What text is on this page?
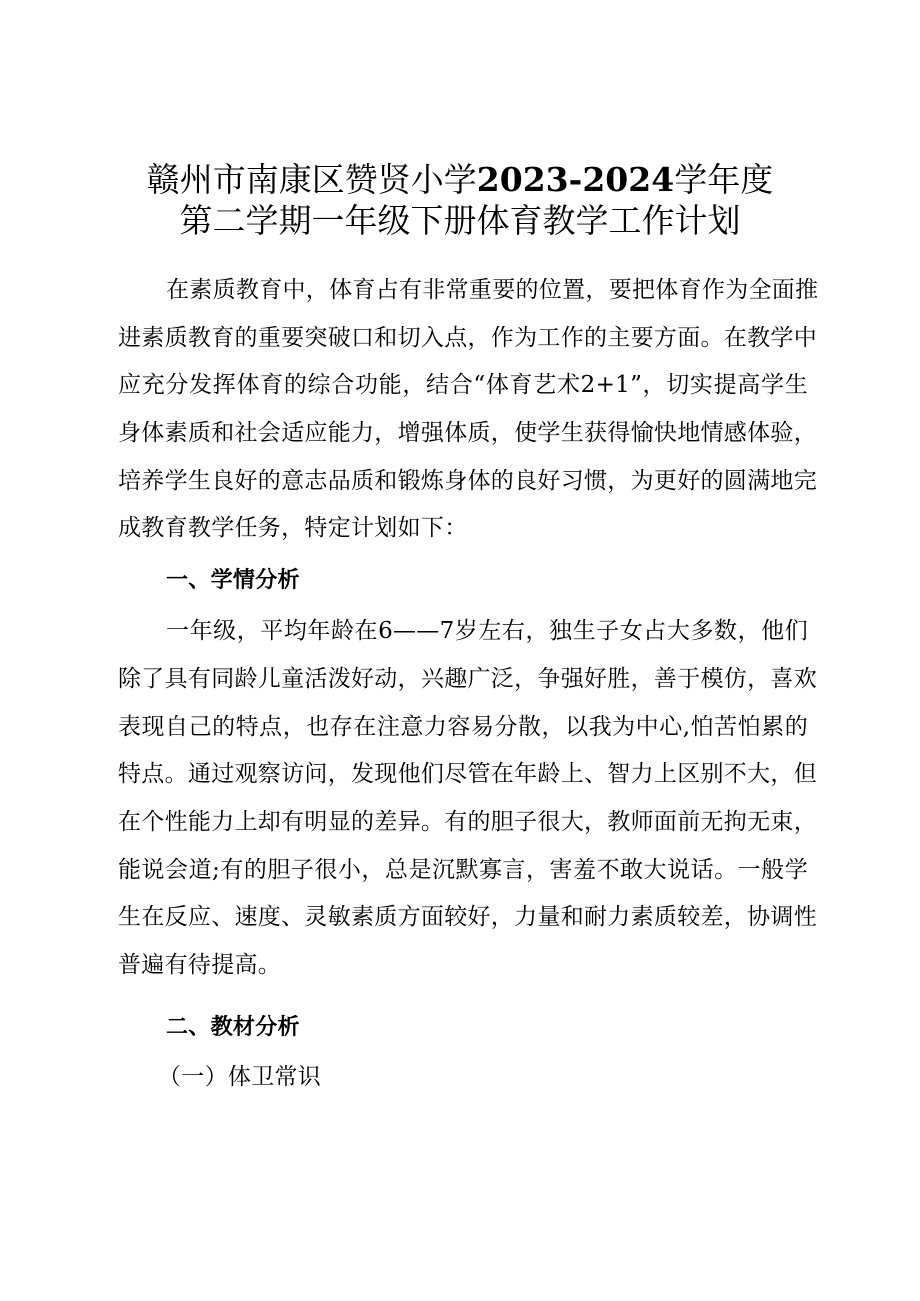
赣州市南康区赞贤小学2023-2024学年度
第二学期一年级下册体育教学工作计划
在素质教育中，体育占有非常重要的位置，要把体育作为全面推
进素质教育的重要突破口和切入点，作为工作的主要方面。在教学中
应充分发挥体育的综合功能，结合“体育艺术2+1”，切实提高学生
身体素质和社会适应能力，增强体质，使学生获得愉快地情感体验，
培养学生良好的意志品质和锻炼身体的良好习惯，为更好的圆满地完
成教育教学任务，特定计划如下：
一、学情分析
一年级，平均年龄在6——7岁左右，独生子女占大多数，他们
除了具有同龄儿童活泼好动，兴趣广泛，争强好胜，善于模仿，喜欢
表现自己的特点，也存在注意力容易分散，以我为中心,怕苦怕累的
特点。通过观察访问，发现他们尽管在年龄上、智力上区别不大，但
在个性能力上却有明显的差异。有的胆子很大，教师面前无拘无束，
能说会道;有的胆子很小，总是沉默寡言，害羞不敢大说话。一般学
生在反应、速度、灵敏素质方面较好，力量和耐力素质较差，协调性
普遍有待提高。
二、教材分析
（一）体卫常识
